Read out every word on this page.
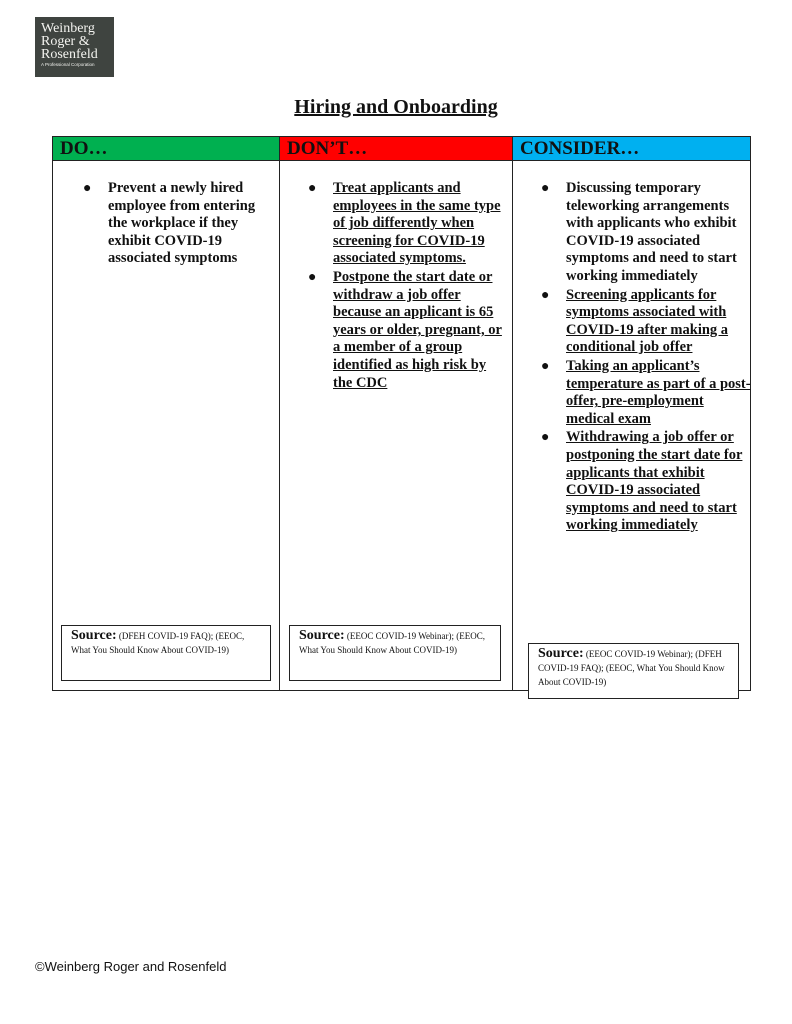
Weinberg
Roger &
Rosenfeld
A Professional Corporation
Hiring and Onboarding
DO…
● Prevent a newly hired employee from entering the workplace if they exhibit COVID-19 associated symptoms
Source: (DFEH COVID-19 FAQ); (EEOC, What You Should Know About COVID-19)
DON’T…
● Treat applicants and employees in the same type of job differently when screening for COVID-19 associated symptoms.
● Postpone the start date or withdraw a job offer because an applicant is 65 years or older, pregnant, or a member of a group identified as high risk by the CDC
Source: (EEOC COVID-19 Webinar); (EEOC, What You Should Know About COVID-19)
CONSIDER…
● Discussing temporary teleworking arrangements with applicants who exhibit COVID-19 associated symptoms and need to start working immediately
● Screening applicants for symptoms associated with COVID-19 after making a conditional job offer
● Taking an applicant’s temperature as part of a post-offer, pre-employment medical exam
● Withdrawing a job offer or postponing the start date for applicants that exhibit COVID-19 associated symptoms and need to start working immediately
Source: (EEOC COVID-19 Webinar); (DFEH COVID-19 FAQ); (EEOC, What You Should Know About COVID-19)
©Weinberg Roger and Rosenfeld
